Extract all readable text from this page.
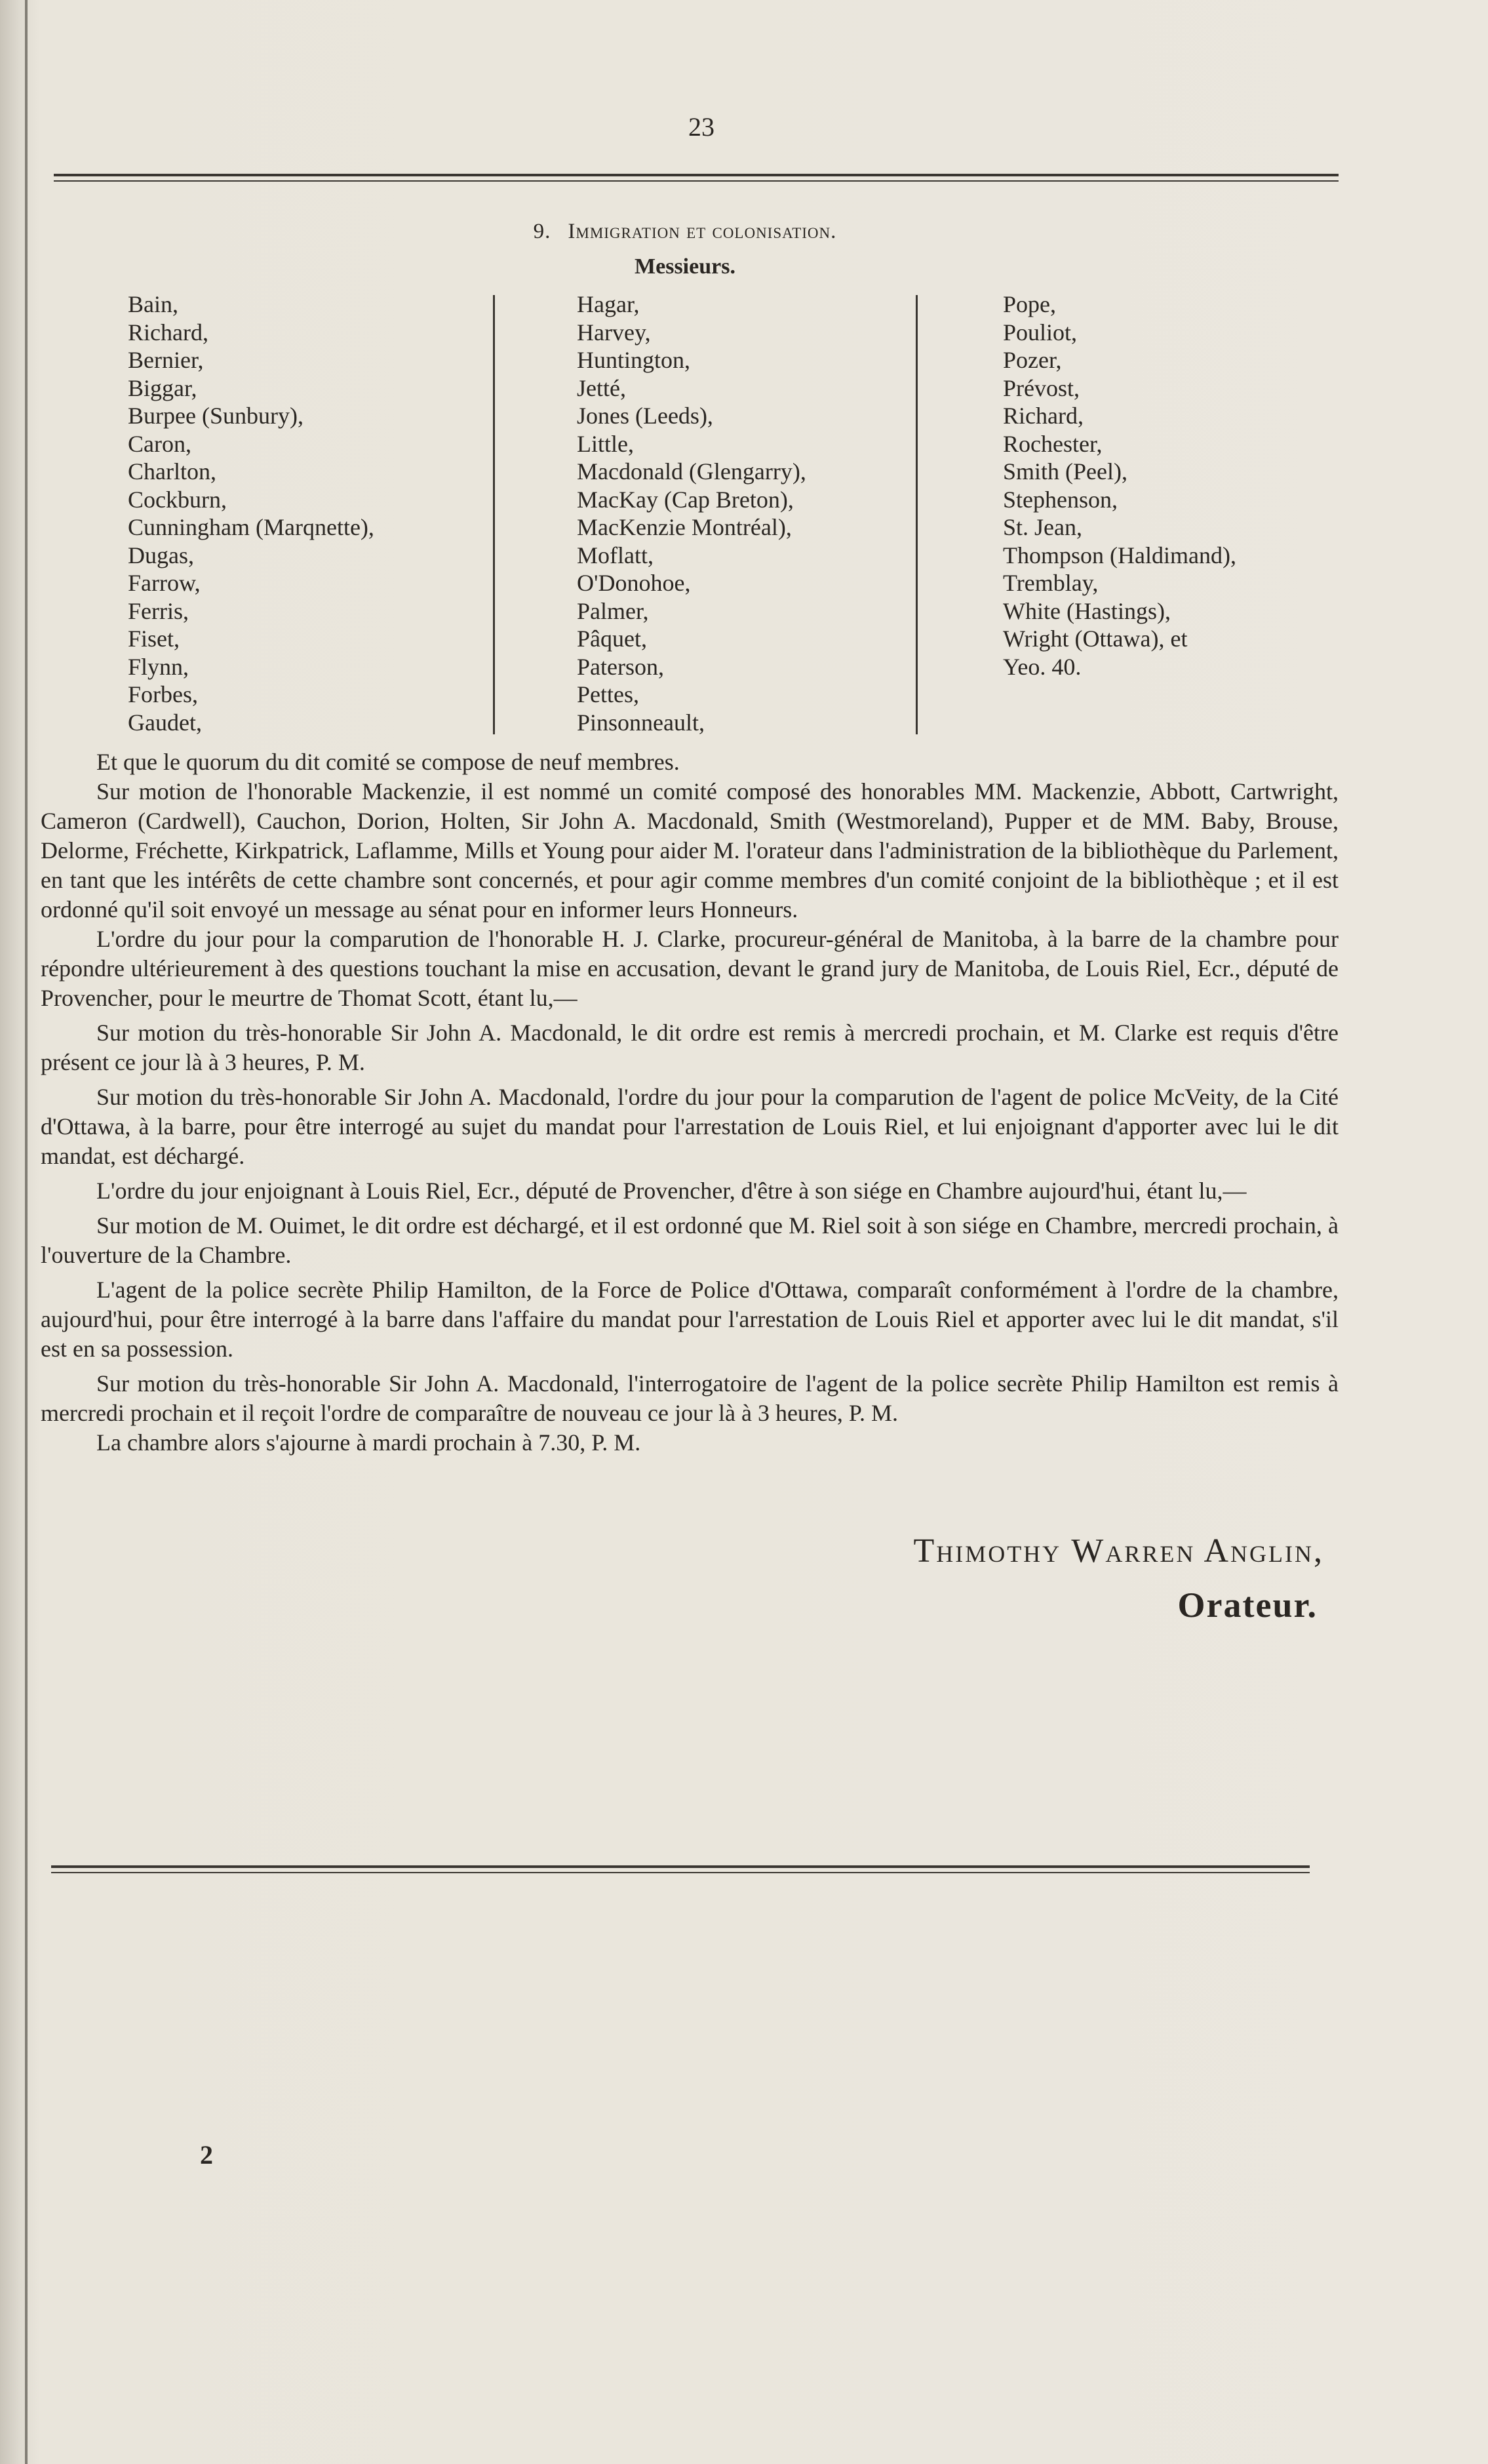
23
9. Immigration et colonisation.
Messieurs.
Bain,
Richard,
Bernier,
Biggar,
Burpee (Sunbury),
Caron,
Charlton,
Cockburn,
Cunningham (Marqnette),
Dugas,
Farrow,
Ferris,
Fiset,
Flynn,
Forbes,
Gaudet,
Hagar,
Harvey,
Huntington,
Jetté,
Jones (Leeds),
Little,
Macdonald (Glengarry),
MacKay (Cap Breton),
MacKenzie Montréal),
Moflatt,
O'Donohoe,
Palmer,
Pâquet,
Paterson,
Pettes,
Pinsonneault,
Pope,
Pouliot,
Pozer,
Prévost,
Richard,
Rochester,
Smith (Peel),
Stephenson,
St. Jean,
Thompson (Haldimand),
Tremblay,
White (Hastings),
Wright (Ottawa), et
Yeo. 40.

Et que le quorum du dit comité se compose de neuf membres.

Sur motion de l'honorable Mackenzie, il est nommé un comité composé des honorables MM. Mackenzie, Abbott, Cartwright, Cameron (Cardwell), Cauchon, Dorion, Holten, Sir John A. Macdonald, Smith (Westmoreland), Pupper et de MM. Baby, Brouse, Delorme, Fréchette, Kirkpatrick, Laflamme, Mills et Young pour aider M. l'orateur dans l'administration de la bibliothèque du Parlement, en tant que les intérêts de cette chambre sont concernés, et pour agir comme membres d'un comité conjoint de la bibliothèque ; et il est ordonné qu'il soit envoyé un message au sénat pour en informer leurs Honneurs.

L'ordre du jour pour la comparution de l'honorable H. J. Clarke, procureur-général de Manitoba, à la barre de la chambre pour répondre ultérieurement à des questions touchant la mise en accusation, devant le grand jury de Manitoba, de Louis Riel, Ecr., député de Provencher, pour le meurtre de Thomat Scott, étant lu,—

Sur motion du très-honorable Sir John A. Macdonald, le dit ordre est remis à mercredi prochain, et M. Clarke est requis d'être présent ce jour là à 3 heures, P. M.

Sur motion du très-honorable Sir John A. Macdonald, l'ordre du jour pour la comparution de l'agent de police McVeity, de la Cité d'Ottawa, à la barre, pour être interrogé au sujet du mandat pour l'arrestation de Louis Riel, et lui enjoignant d'apporter avec lui le dit mandat, est déchargé.

L'ordre du jour enjoignant à Louis Riel, Ecr., député de Provencher, d'être à son siége en Chambre aujourd'hui, étant lu,—

Sur motion de M. Ouimet, le dit ordre est déchargé, et il est ordonné que M. Riel soit à son siége en Chambre, mercredi prochain, à l'ouverture de la Chambre.

L'agent de la police secrète Philip Hamilton, de la Force de Police d'Ottawa, comparaît conformément à l'ordre de la chambre, aujourd'hui, pour être interrogé à la barre dans l'affaire du mandat pour l'arrestation de Louis Riel et apporter avec lui le dit mandat, s'il est en sa possession.

Sur motion du très-honorable Sir John A. Macdonald, l'interrogatoire de l'agent de la police secrète Philip Hamilton est remis à mercredi prochain et il reçoit l'ordre de comparaître de nouveau ce jour là à 3 heures, P. M.

La chambre alors s'ajourne à mardi prochain à 7.30, P. M.

Thimothy Warren Anglin,
Orateur.
2
